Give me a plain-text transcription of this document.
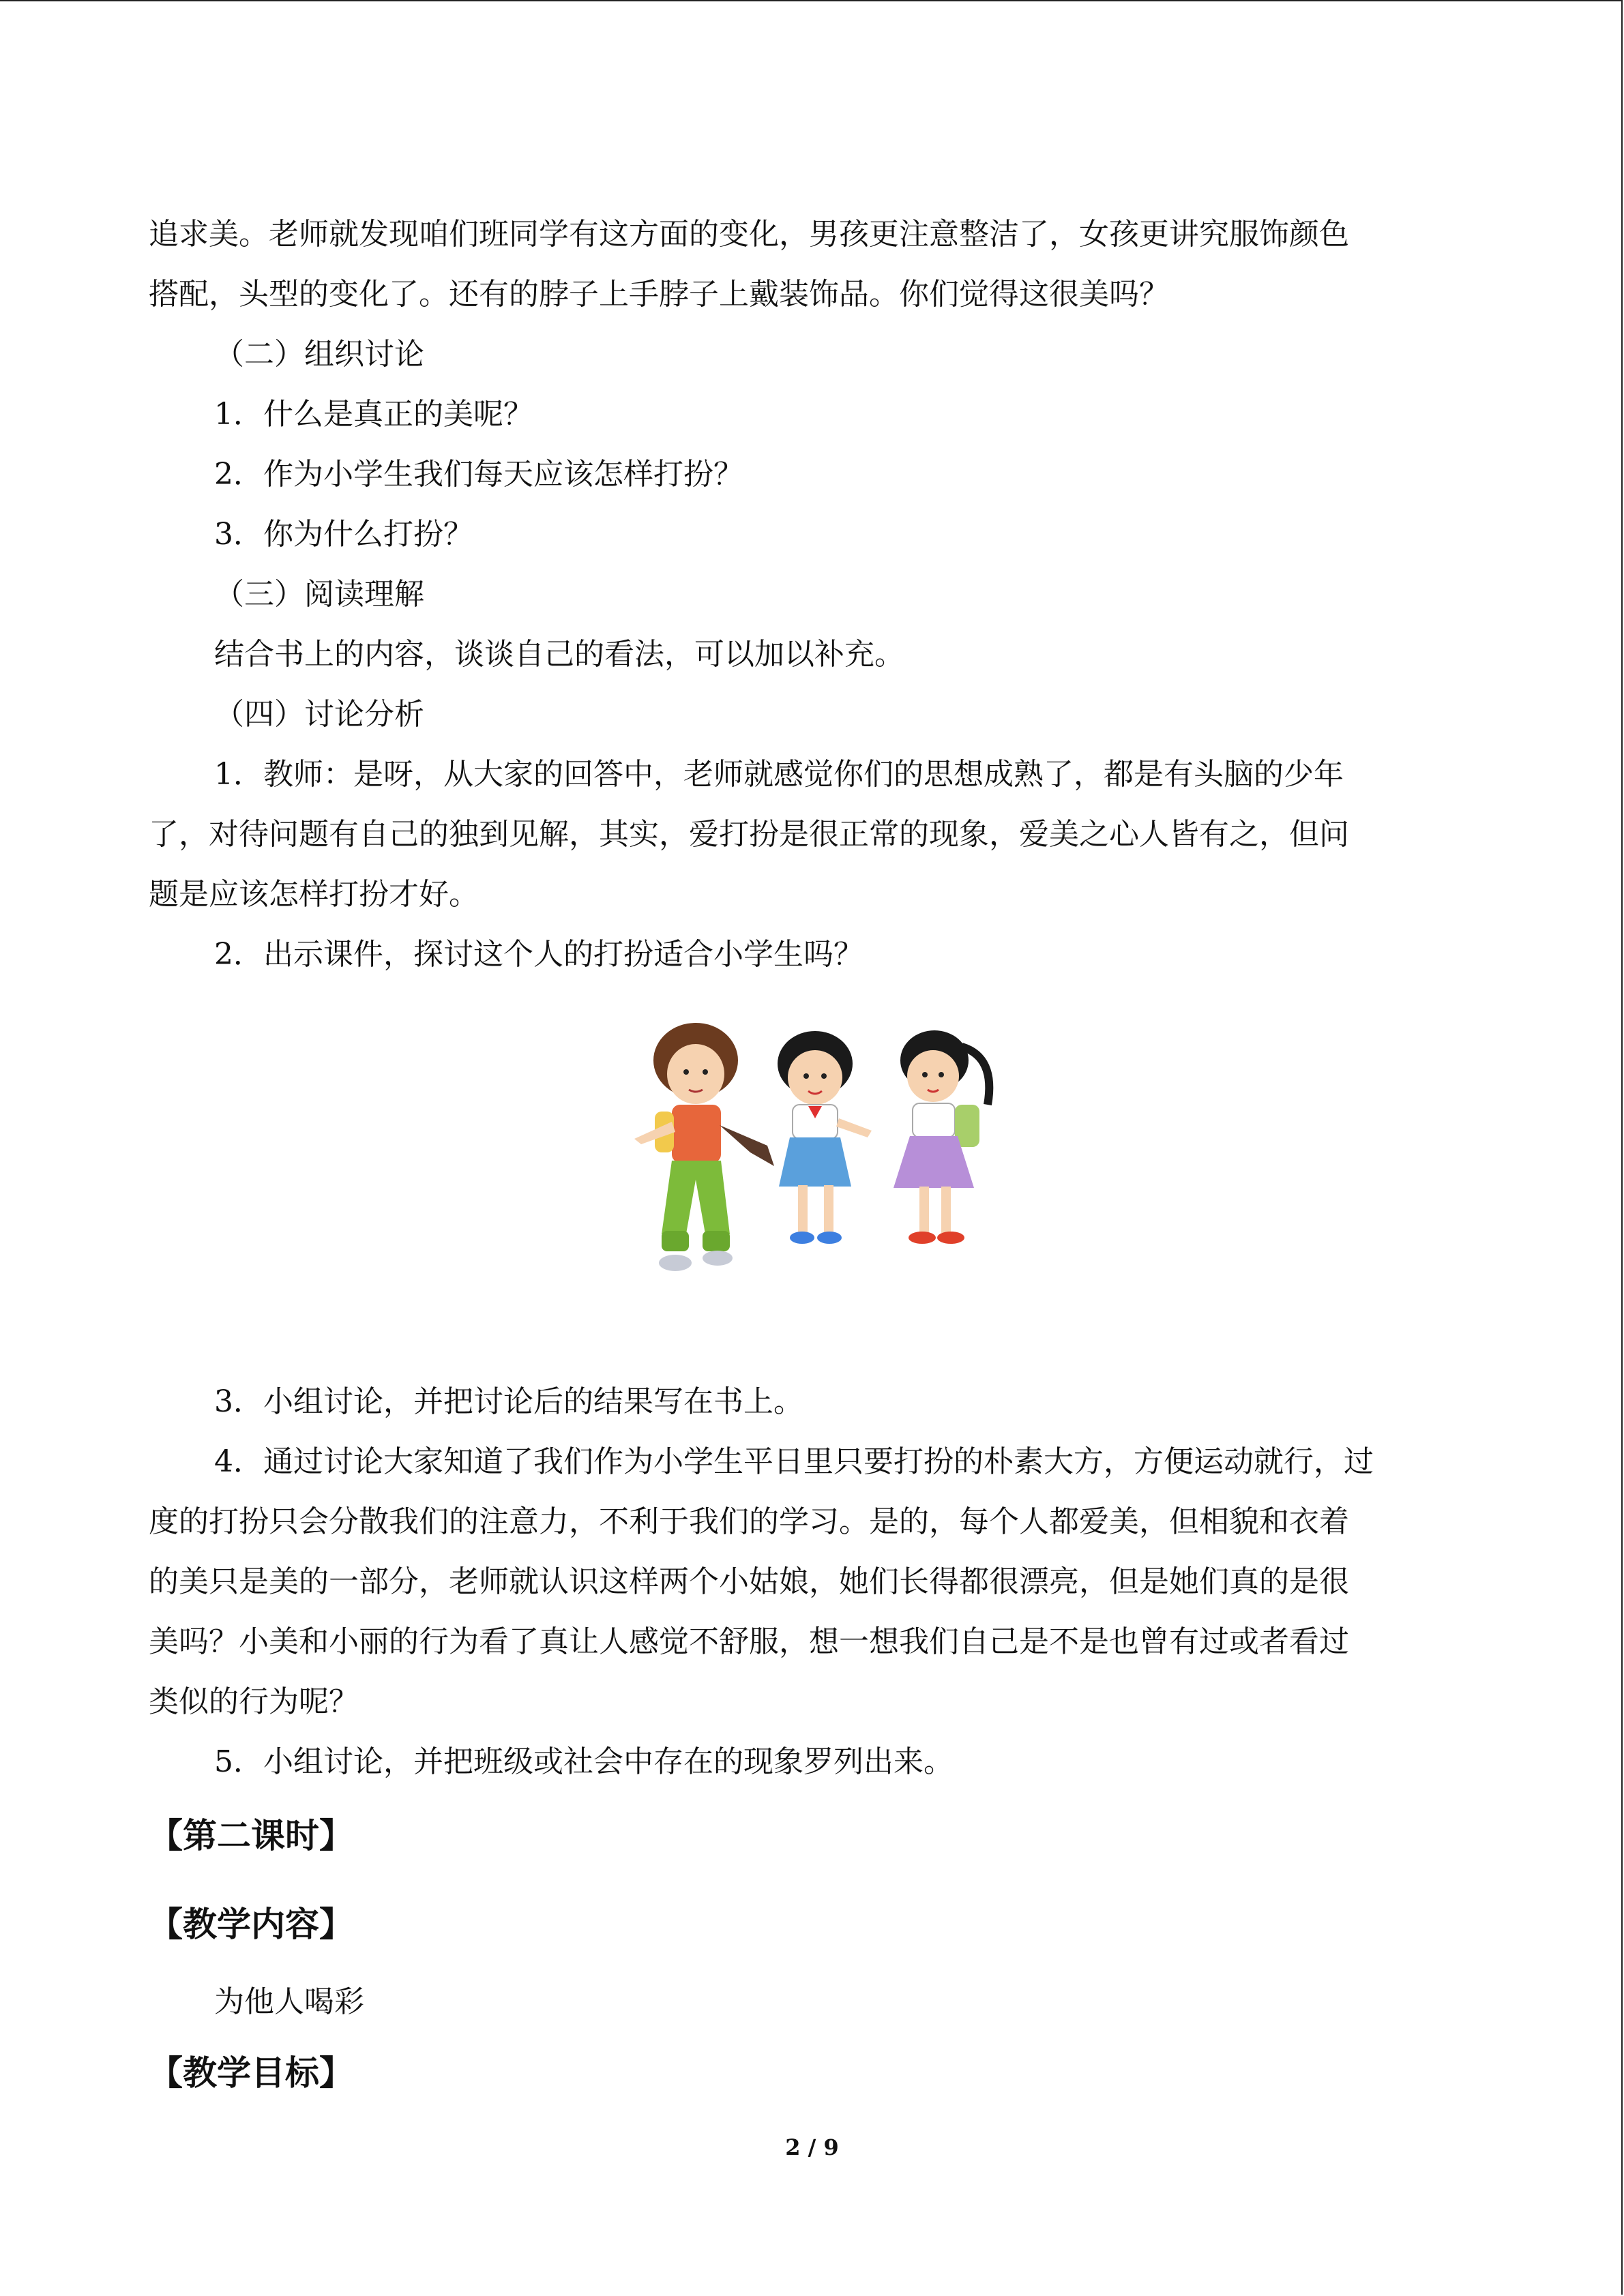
追求美。老师就发现咱们班同学有这方面的变化，男孩更注意整洁了，女孩更讲究服饰颜色

搭配，头型的变化了。还有的脖子上手脖子上戴装饰品。你们觉得这很美吗？

（二）组织讨论

1．什么是真正的美呢？

2．作为小学生我们每天应该怎样打扮？

3．你为什么打扮？

（三）阅读理解

结合书上的内容，谈谈自己的看法，可以加以补充。

（四）讨论分析

1．教师：是呀，从大家的回答中，老师就感觉你们的思想成熟了，都是有头脑的少年

了，对待问题有自己的独到见解，其实，爱打扮是很正常的现象，爱美之心人皆有之，但问

题是应该怎样打扮才好。

2．出示课件，探讨这个人的打扮适合小学生吗？

3．小组讨论，并把讨论后的结果写在书上。

4．通过讨论大家知道了我们作为小学生平日里只要打扮的朴素大方，方便运动就行，过

度的打扮只会分散我们的注意力，不利于我们的学习。是的，每个人都爱美，但相貌和衣着

的美只是美的一部分，老师就认识这样两个小姑娘，她们长得都很漂亮，但是她们真的是很

美吗？小美和小丽的行为看了真让人感觉不舒服，想一想我们自己是不是也曾有过或者看过

类似的行为呢？

5．小组讨论，并把班级或社会中存在的现象罗列出来。

【第二课时】

【教学内容】

为他人喝彩

【教学目标】

2 / 9
